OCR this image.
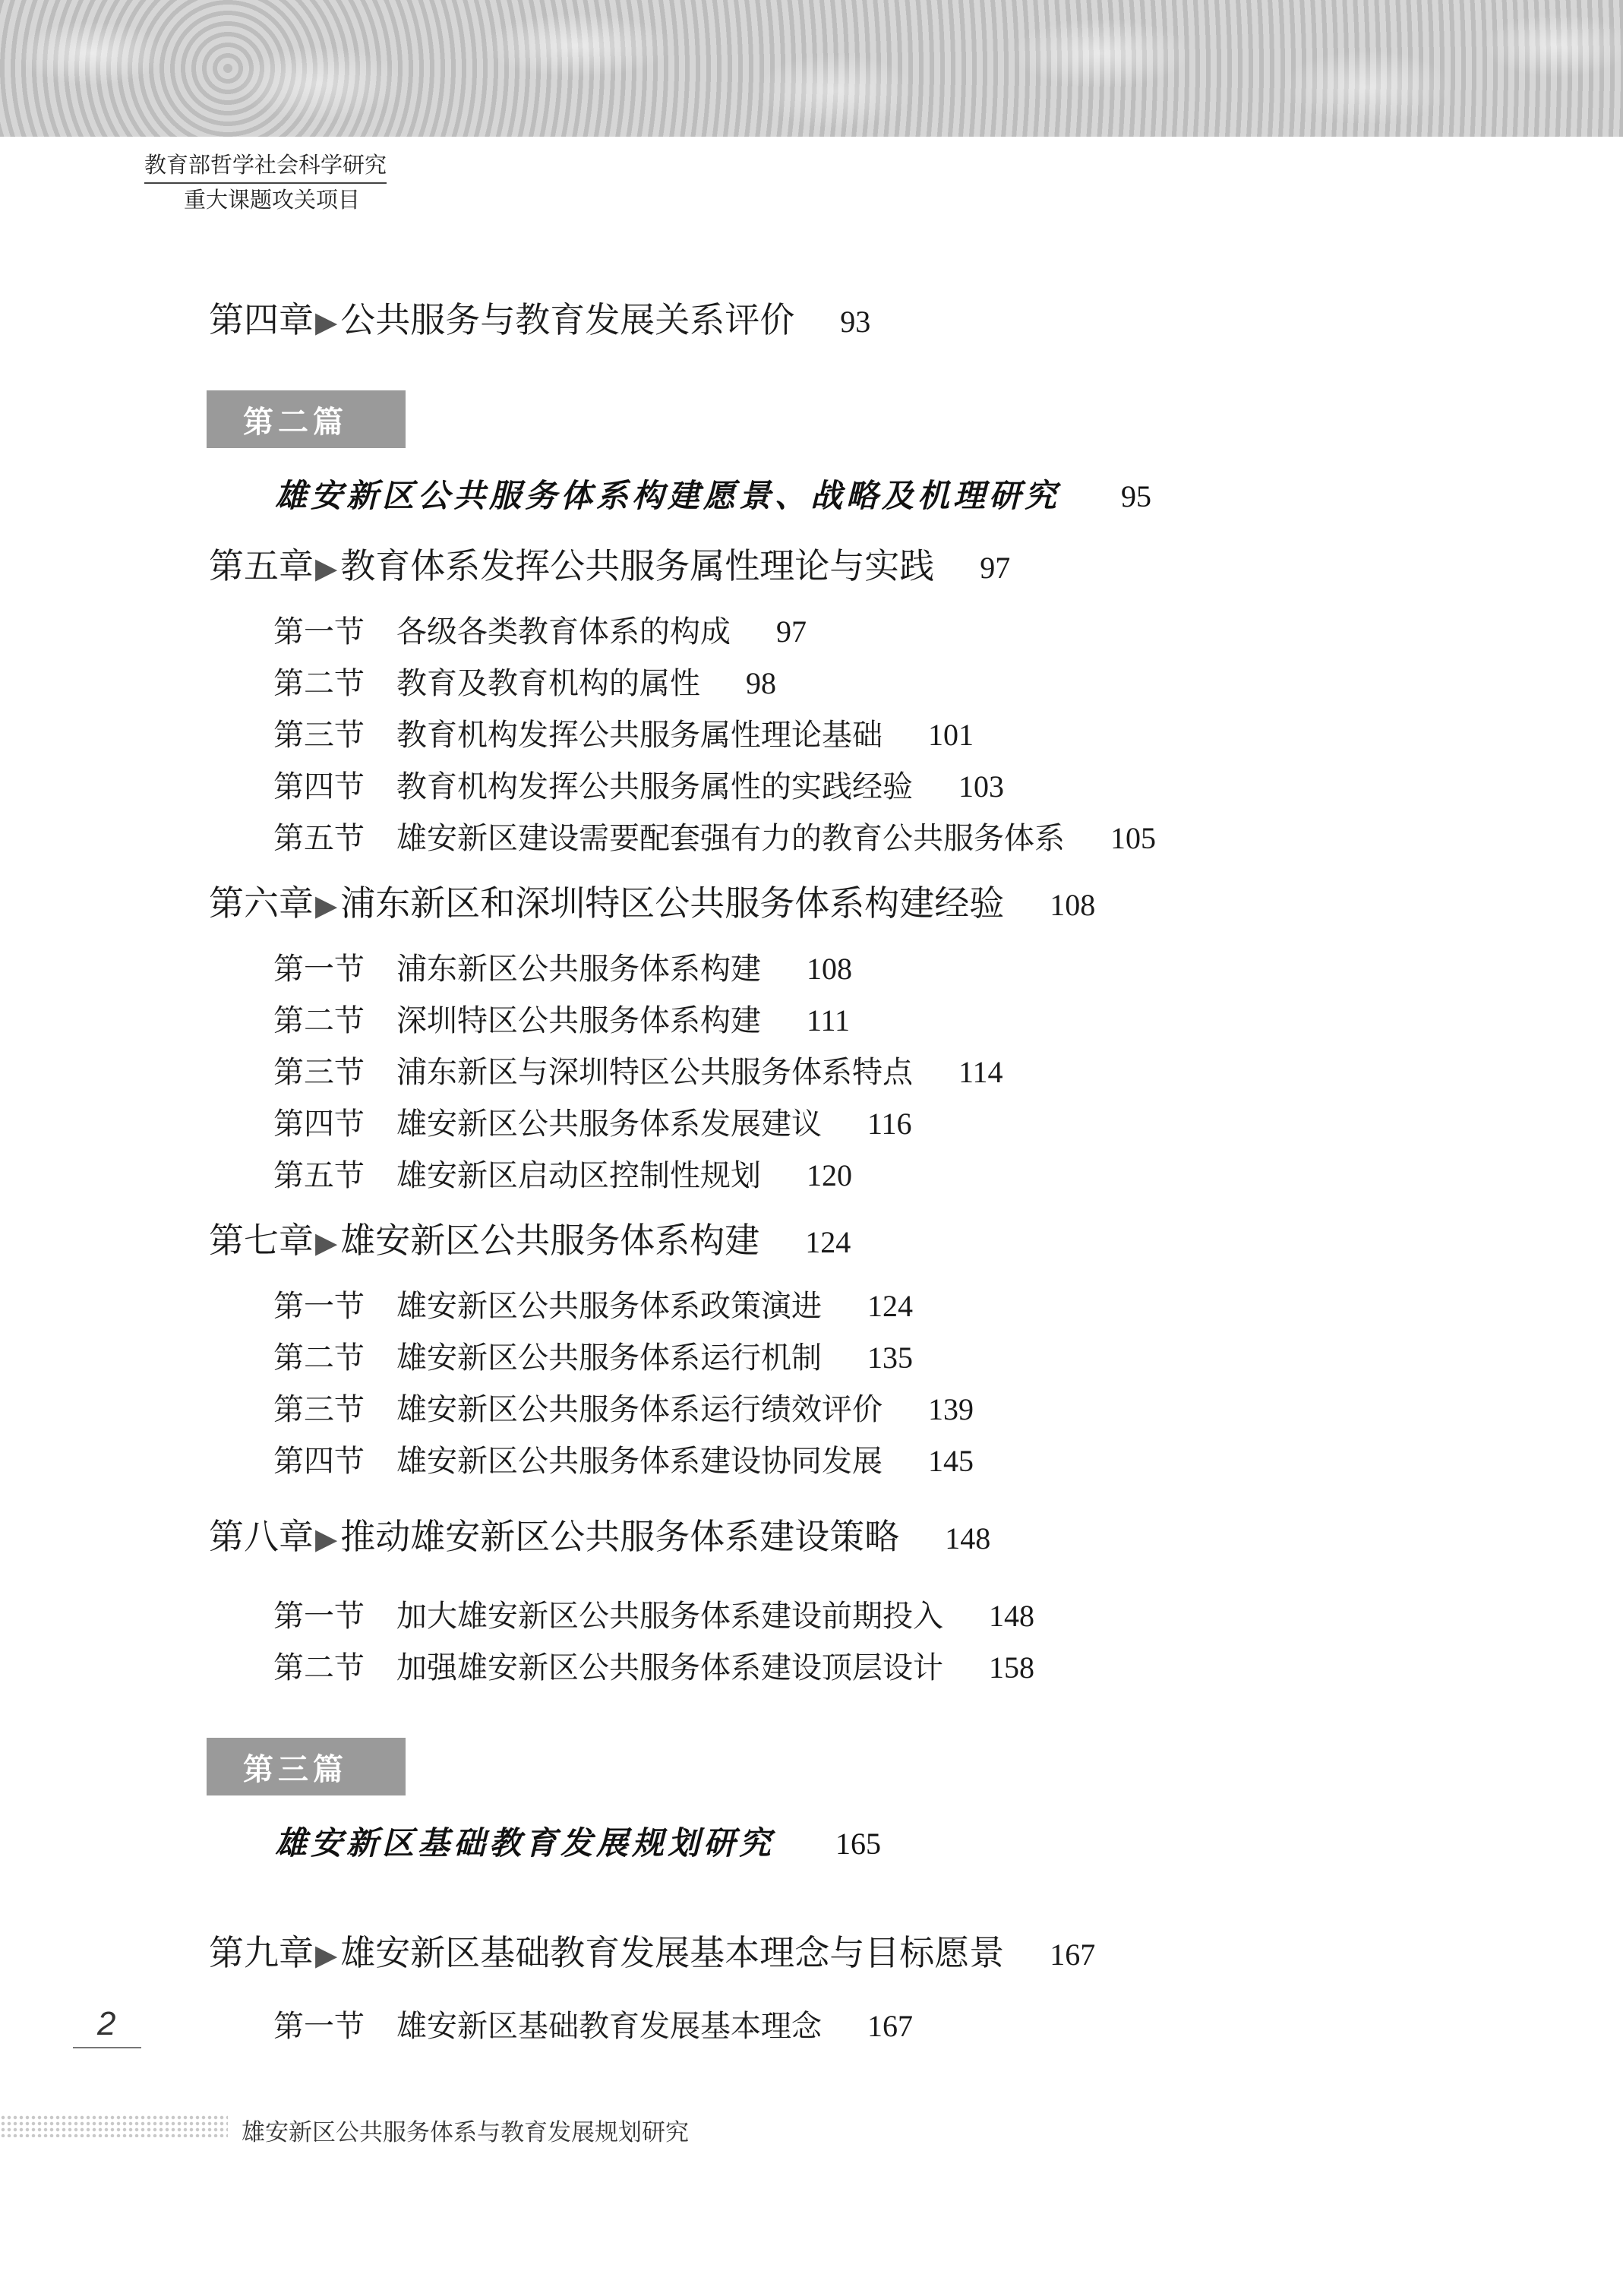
教育部哲学社会科学研究
重大课题攻关项目
第四章▶公共服务与教育发展关系评价 93
第二篇
雄安新区公共服务体系构建愿景、战略及机理研究 95
第五章▶教育体系发挥公共服务属性理论与实践 97
第一节 各级各类教育体系的构成 97
第二节 教育及教育机构的属性 98
第三节 教育机构发挥公共服务属性理论基础 101
第四节 教育机构发挥公共服务属性的实践经验 103
第五节 雄安新区建设需要配套强有力的教育公共服务体系 105
第六章▶浦东新区和深圳特区公共服务体系构建经验 108
第一节 浦东新区公共服务体系构建 108
第二节 深圳特区公共服务体系构建 111
第三节 浦东新区与深圳特区公共服务体系特点 114
第四节 雄安新区公共服务体系发展建议 116
第五节 雄安新区启动区控制性规划 120
第七章▶雄安新区公共服务体系构建 124
第一节 雄安新区公共服务体系政策演进 124
第二节 雄安新区公共服务体系运行机制 135
第三节 雄安新区公共服务体系运行绩效评价 139
第四节 雄安新区公共服务体系建设协同发展 145
第八章▶推动雄安新区公共服务体系建设策略 148
第一节 加大雄安新区公共服务体系建设前期投入 148
第二节 加强雄安新区公共服务体系建设顶层设计 158
第三篇
雄安新区基础教育发展规划研究 165
第九章▶雄安新区基础教育发展基本理念与目标愿景 167
第一节 雄安新区基础教育发展基本理念 167
2
雄安新区公共服务体系与教育发展规划研究
